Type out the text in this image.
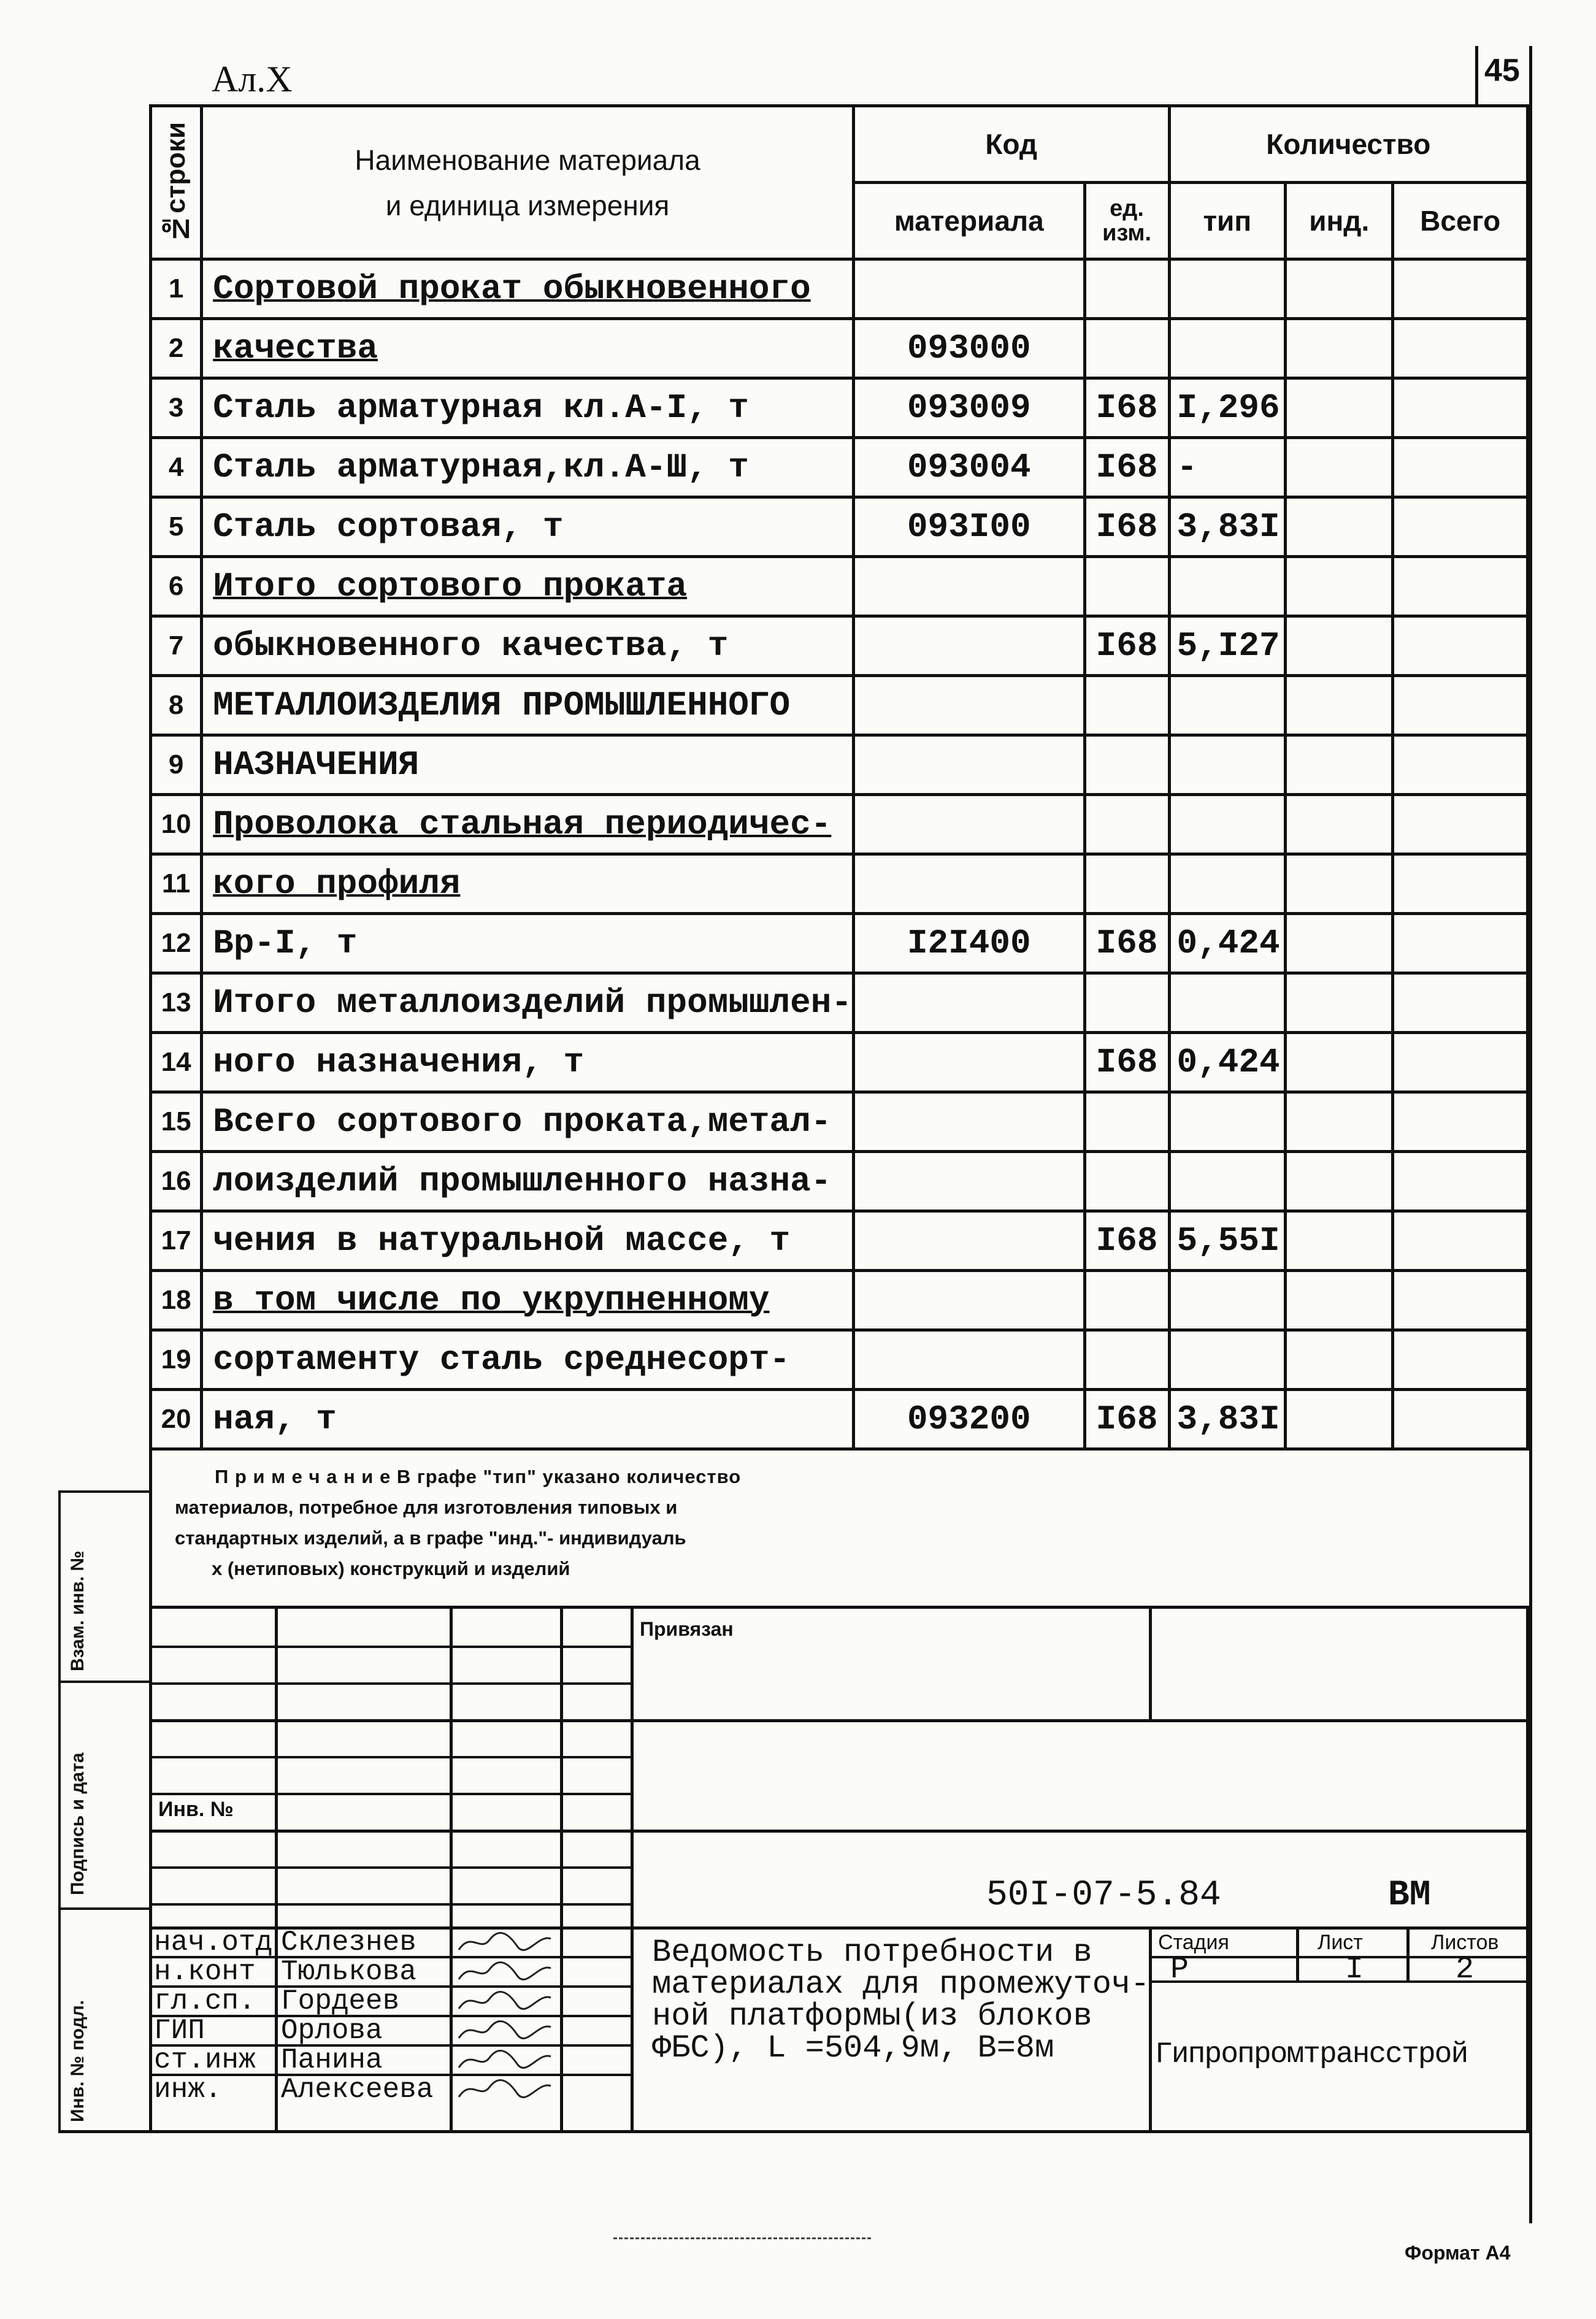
Ал.Х	45
№строки	Наименование материала
и единица измерения	Код		Количество		
		материала	ед. изм.	тип	инд.	Всего
1	Сортовой прокат обыкновенного					
2	качества	093000				
3	Сталь арматурная кл.А-I, т	093009	I68	I,296		
4	Сталь арматурная,кл.А-Ш, т	093004	I68	-		
5	Сталь сортовая, т	093I00	I68	3,83I		
6	Итого сортового проката					
7	обыкновенного качества, т		I68	5,I27		
8	МЕТАЛЛОИЗДЕЛИЯ ПРОМЫШЛЕННОГО					
9	НАЗНАЧЕНИЯ					
10	Проволока стальная периодичес-					
11	кого профиля					
12	Вр-I, т	I2I400	I68	0,424		
13	Итого металлоизделий промышлен-					
14	ного назначения, т		I68	0,424		
15	Всего сортового проката,метал-					
16	лоизделий промышленного назна-					
17	чения в натуральной массе, т		I68	5,55I		
18	в том числе по укрупненному					
19	сортаменту сталь среднесорт-					
20	ная, т	093200	I68	3,83I		
П р и м е ч а н и е В графе "тип" указано количество
материалов, потребное для изготовления типовых и
стандартных изделий, а в графе "инд."- индивидуаль
х (нетиповых) конструкций и изделий
Привязан
Инв. №
50I-07-5.84	ВМ
Ведомость потребности в
материалах для промежуточ-
ной платформы(из блоков
ФБС), L =504,9м, В=8м
Стадия	Лист	Листов
Р	I	2
Гипропромтрансстрой
нач.отд Склезнев
н.конт Тюлькова
гл.сп. Гордеев
ГИП	Орлова
ст.инж Панина
инж. Алексеева
Инв. № подл.
Подпись и дата
Взам. инв. №
Формат А4
